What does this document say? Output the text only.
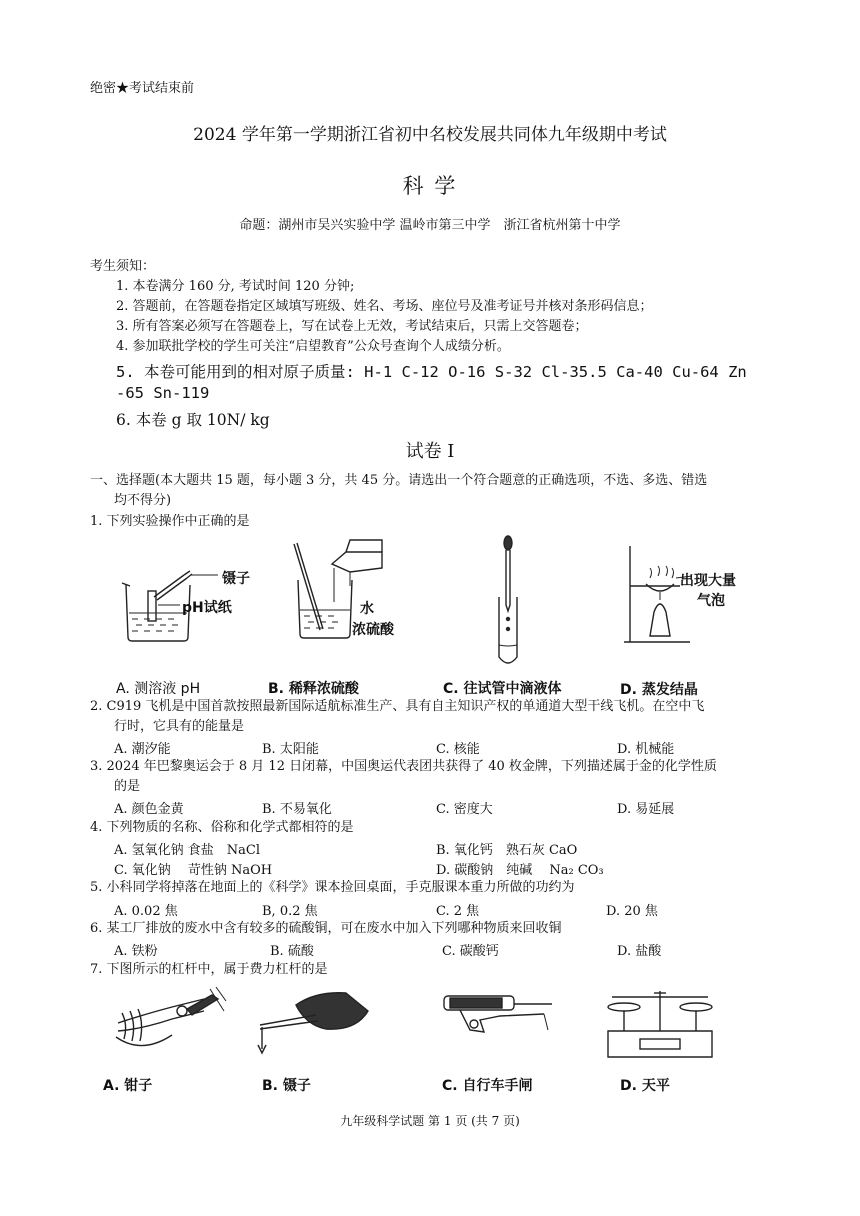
绝密★考试结束前
2024 学年第一学期浙江省初中名校发展共同体九年级期中考试
科 学
命题：湖州市吴兴实验中学 温岭市第三中学　浙江省杭州第十中学
考生须知：
1. 本卷满分 160 分, 考试时间 120 分钟;
2. 答题前，在答题卷指定区域填写班级、姓名、考场、座位号及准考证号并核对条形码信息；
3. 所有答案必须写在答题卷上，写在试卷上无效，考试结束后，只需上交答题卷；
4. 参加联批学校的学生可关注“启望教育”公众号查询个人成绩分析。
5. 本卷可能用到的相对原子质量: H-1 C-12 O-16 S-32 Cl-35.5 Ca-40 Cu-64 Zn
-65 Sn-119
6. 本卷 g 取 10N/ kg
试卷 I
一、选择题(本大题共 15 题，每小题 3 分，共 45 分。请选出一个符合题意的正确选项，不选、多选、错选
均不得分)
1. 下列实验操作中正确的是
镊子
pH试纸	水
浓硫酸
出现大量
气泡
A. 测溶液 pH	B. 稀释浓硫酸	C. 往试管中滴液体	D. 蒸发结晶
2. C919 飞机是中国首款按照最新国际适航标准生产、具有自主知识产权的单通道大型干线飞机。在空中飞
行时，它具有的能量是
A. 潮汐能	B. 太阳能	C. 核能	D. 机械能
3. 2024 年巴黎奥运会于 8 月 12 日闭幕，中国奥运代表团共获得了 40 枚金牌，下列描述属于金的化学性质
的是
A. 颜色金黄	B. 不易氧化	C. 密度大	D. 易延展
4. 下列物质的名称、俗称和化学式都相符的是
A. 氢氧化钠 食盐　NaCl	B. 氧化钙　熟石灰 CaO
C. 氧化钠　 苛性钠 NaOH	D. 碳酸钠　纯碱　 Na₂ CO₃
5. 小科同学将掉落在地面上的《科学》课本捡回桌面，手克服课本重力所做的功约为
A. 0.02 焦	B, 0.2 焦	C. 2 焦	D. 20 焦
6. 某工厂排放的废水中含有较多的硫酸铜，可在废水中加入下列哪种物质来回收铜
A. 铁粉	B. 硫酸	C. 碳酸钙	D. 盐酸
7. 下图所示的杠杆中，属于费力杠杆的是
A. 钳子	B. 镊子	C. 自行车手闸	D. 天平
九年级科学试题 第 1 页 (共 7 页)
